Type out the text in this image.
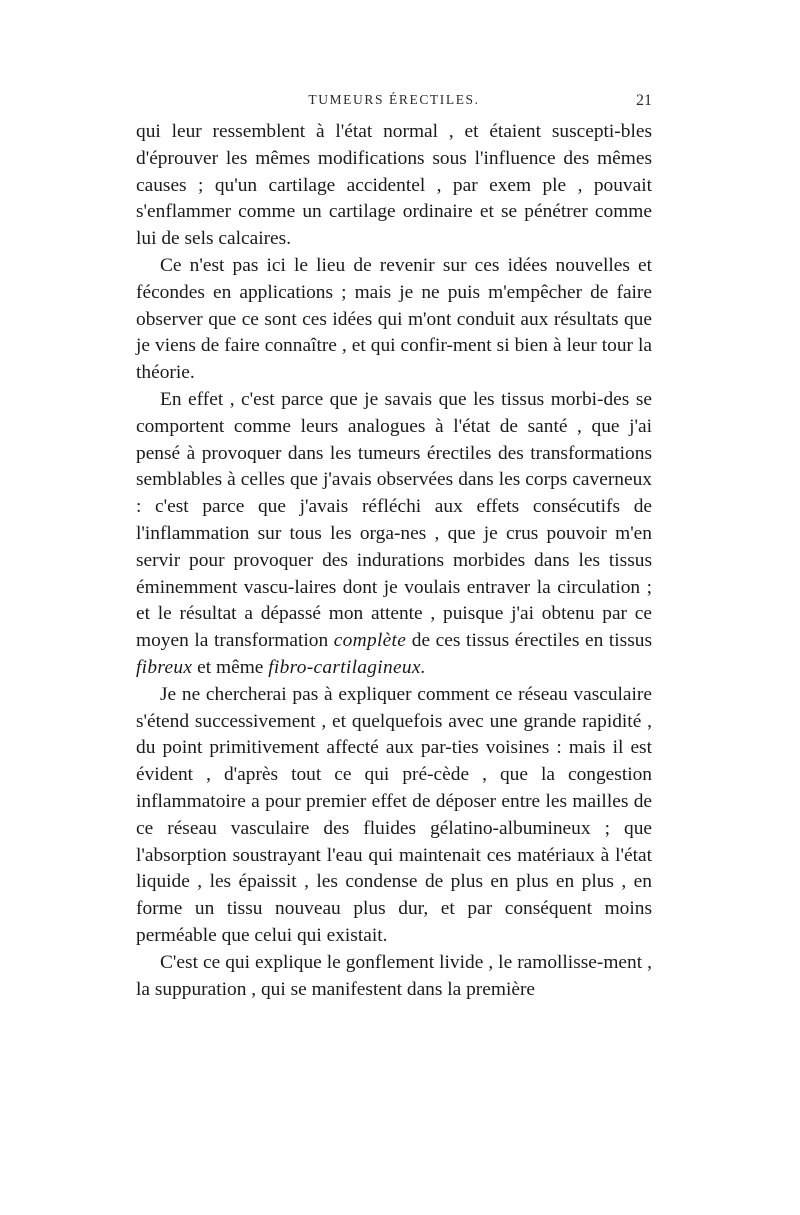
TUMEURS ÉRECTILES.	21

qui leur ressemblent à l'état normal , et étaient suscepti-bles d'éprouver les mêmes modifications sous l'influence des mêmes causes ; qu'un cartilage accidentel , par exem ple , pouvait s'enflammer comme un cartilage ordinaire et se pénétrer comme lui de sels calcaires.

Ce n'est pas ici le lieu de revenir sur ces idées nouvelles et fécondes en applications ; mais je ne puis m'empêcher de faire observer que ce sont ces idées qui m'ont conduit aux résultats que je viens de faire connaître , et qui confir-ment si bien à leur tour la théorie.

En effet , c'est parce que je savais que les tissus morbi-des se comportent comme leurs analogues à l'état de santé , que j'ai pensé à provoquer dans les tumeurs érectiles des transformations semblables à celles que j'avais observées dans les corps caverneux : c'est parce que j'avais réfléchi aux effets consécutifs de l'inflammation sur tous les orga-nes , que je crus pouvoir m'en servir pour provoquer des indurations morbides dans les tissus éminemment vascu-laires dont je voulais entraver la circulation ; et le résultat a dépassé mon attente , puisque j'ai obtenu par ce moyen la transformation complète de ces tissus érectiles en tissus fibreux et même fibro-cartilagineux.

Je ne chercherai pas à expliquer comment ce réseau vasculaire s'étend successivement , et quelquefois avec une grande rapidité , du point primitivement affecté aux par-ties voisines : mais il est évident , d'après tout ce qui pré-cède , que la congestion inflammatoire a pour premier effet de déposer entre les mailles de ce réseau vasculaire des fluides gélatino-albumineux ; que l'absorption soustrayant l'eau qui maintenait ces matériaux à l'état liquide , les épaissit , les condense de plus en plus en plus , en forme un tissu nouveau plus dur, et par conséquent moins perméable que celui qui existait.

C'est ce qui explique le gonflement livide , le ramollisse-ment , la suppuration , qui se manifestent dans la première
